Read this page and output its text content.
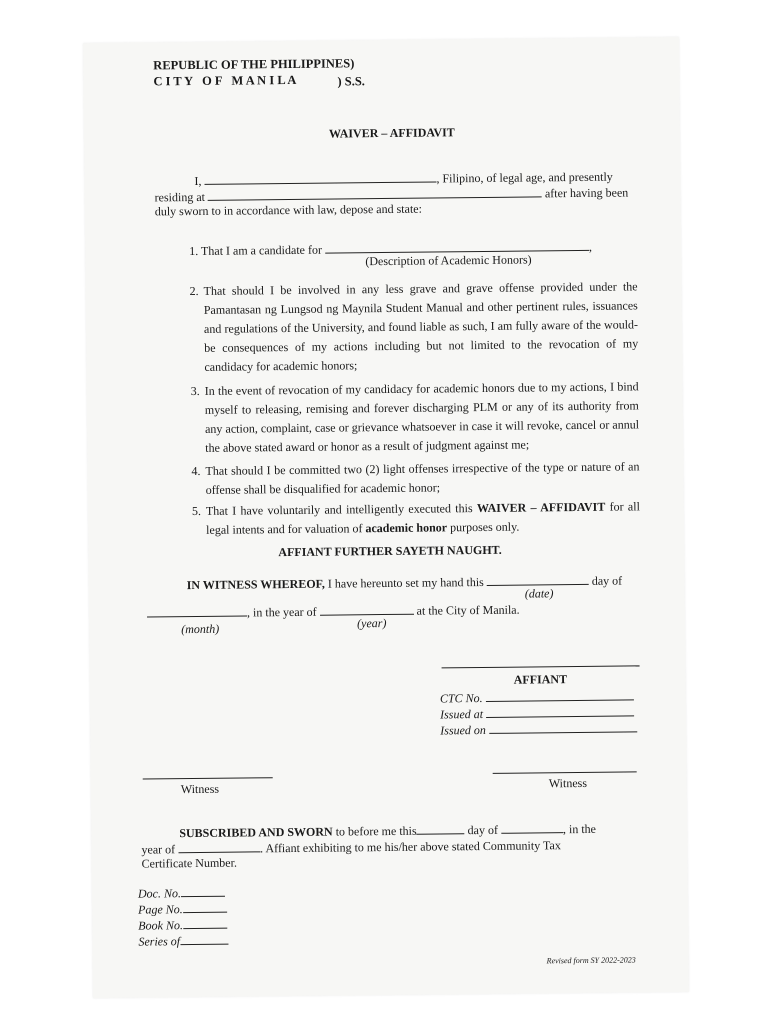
REPUBLIC OF THE PHILIPPINES)
C I T Y   O F   M A N I L A	) S.S.
WAIVER – AFFIDAVIT
I,	, Filipino, of legal age, and presently
residing at	after having been
duly sworn to in accordance with law, depose and state:
1. That I am a candidate for	,
(Description of Academic Honors)
2. That should I be involved in any less grave and grave offense provided under the Pamantasan ng Lungsod ng Maynila Student Manual and other pertinent rules, issuances and regulations of the University, and found liable as such, I am fully aware of the would-be consequences of my actions including but not limited to the revocation of my candidacy for academic honors;
3. In the event of revocation of my candidacy for academic honors due to my actions, I bind myself to releasing, remising and forever discharging PLM or any of its authority from any action, complaint, case or grievance whatsoever in case it will revoke, cancel or annul the above stated award or honor as a result of judgment against me;
4. That should I be committed two (2) light offenses irrespective of the type or nature of an offense shall be disqualified for academic honor;
5. That I have voluntarily and intelligently executed this WAIVER – AFFIDAVIT for all legal intents and for valuation of academic honor purposes only.
AFFIANT FURTHER SAYETH NAUGHT.
IN WITNESS WHEREOF, I have hereunto set my hand this	day of
(date)
, in the year of	at the City of Manila.
(month)	(year)
AFFIANT
CTC No.
Issued at
Issued on
Witness	Witness
SUBSCRIBED AND SWORN to before me this	day of	, in the
year of	. Affiant exhibiting to me his/her above stated Community Tax
Certificate Number.
Doc. No.
Page No.
Book No.
Series of
Revised form SY 2022-2023
